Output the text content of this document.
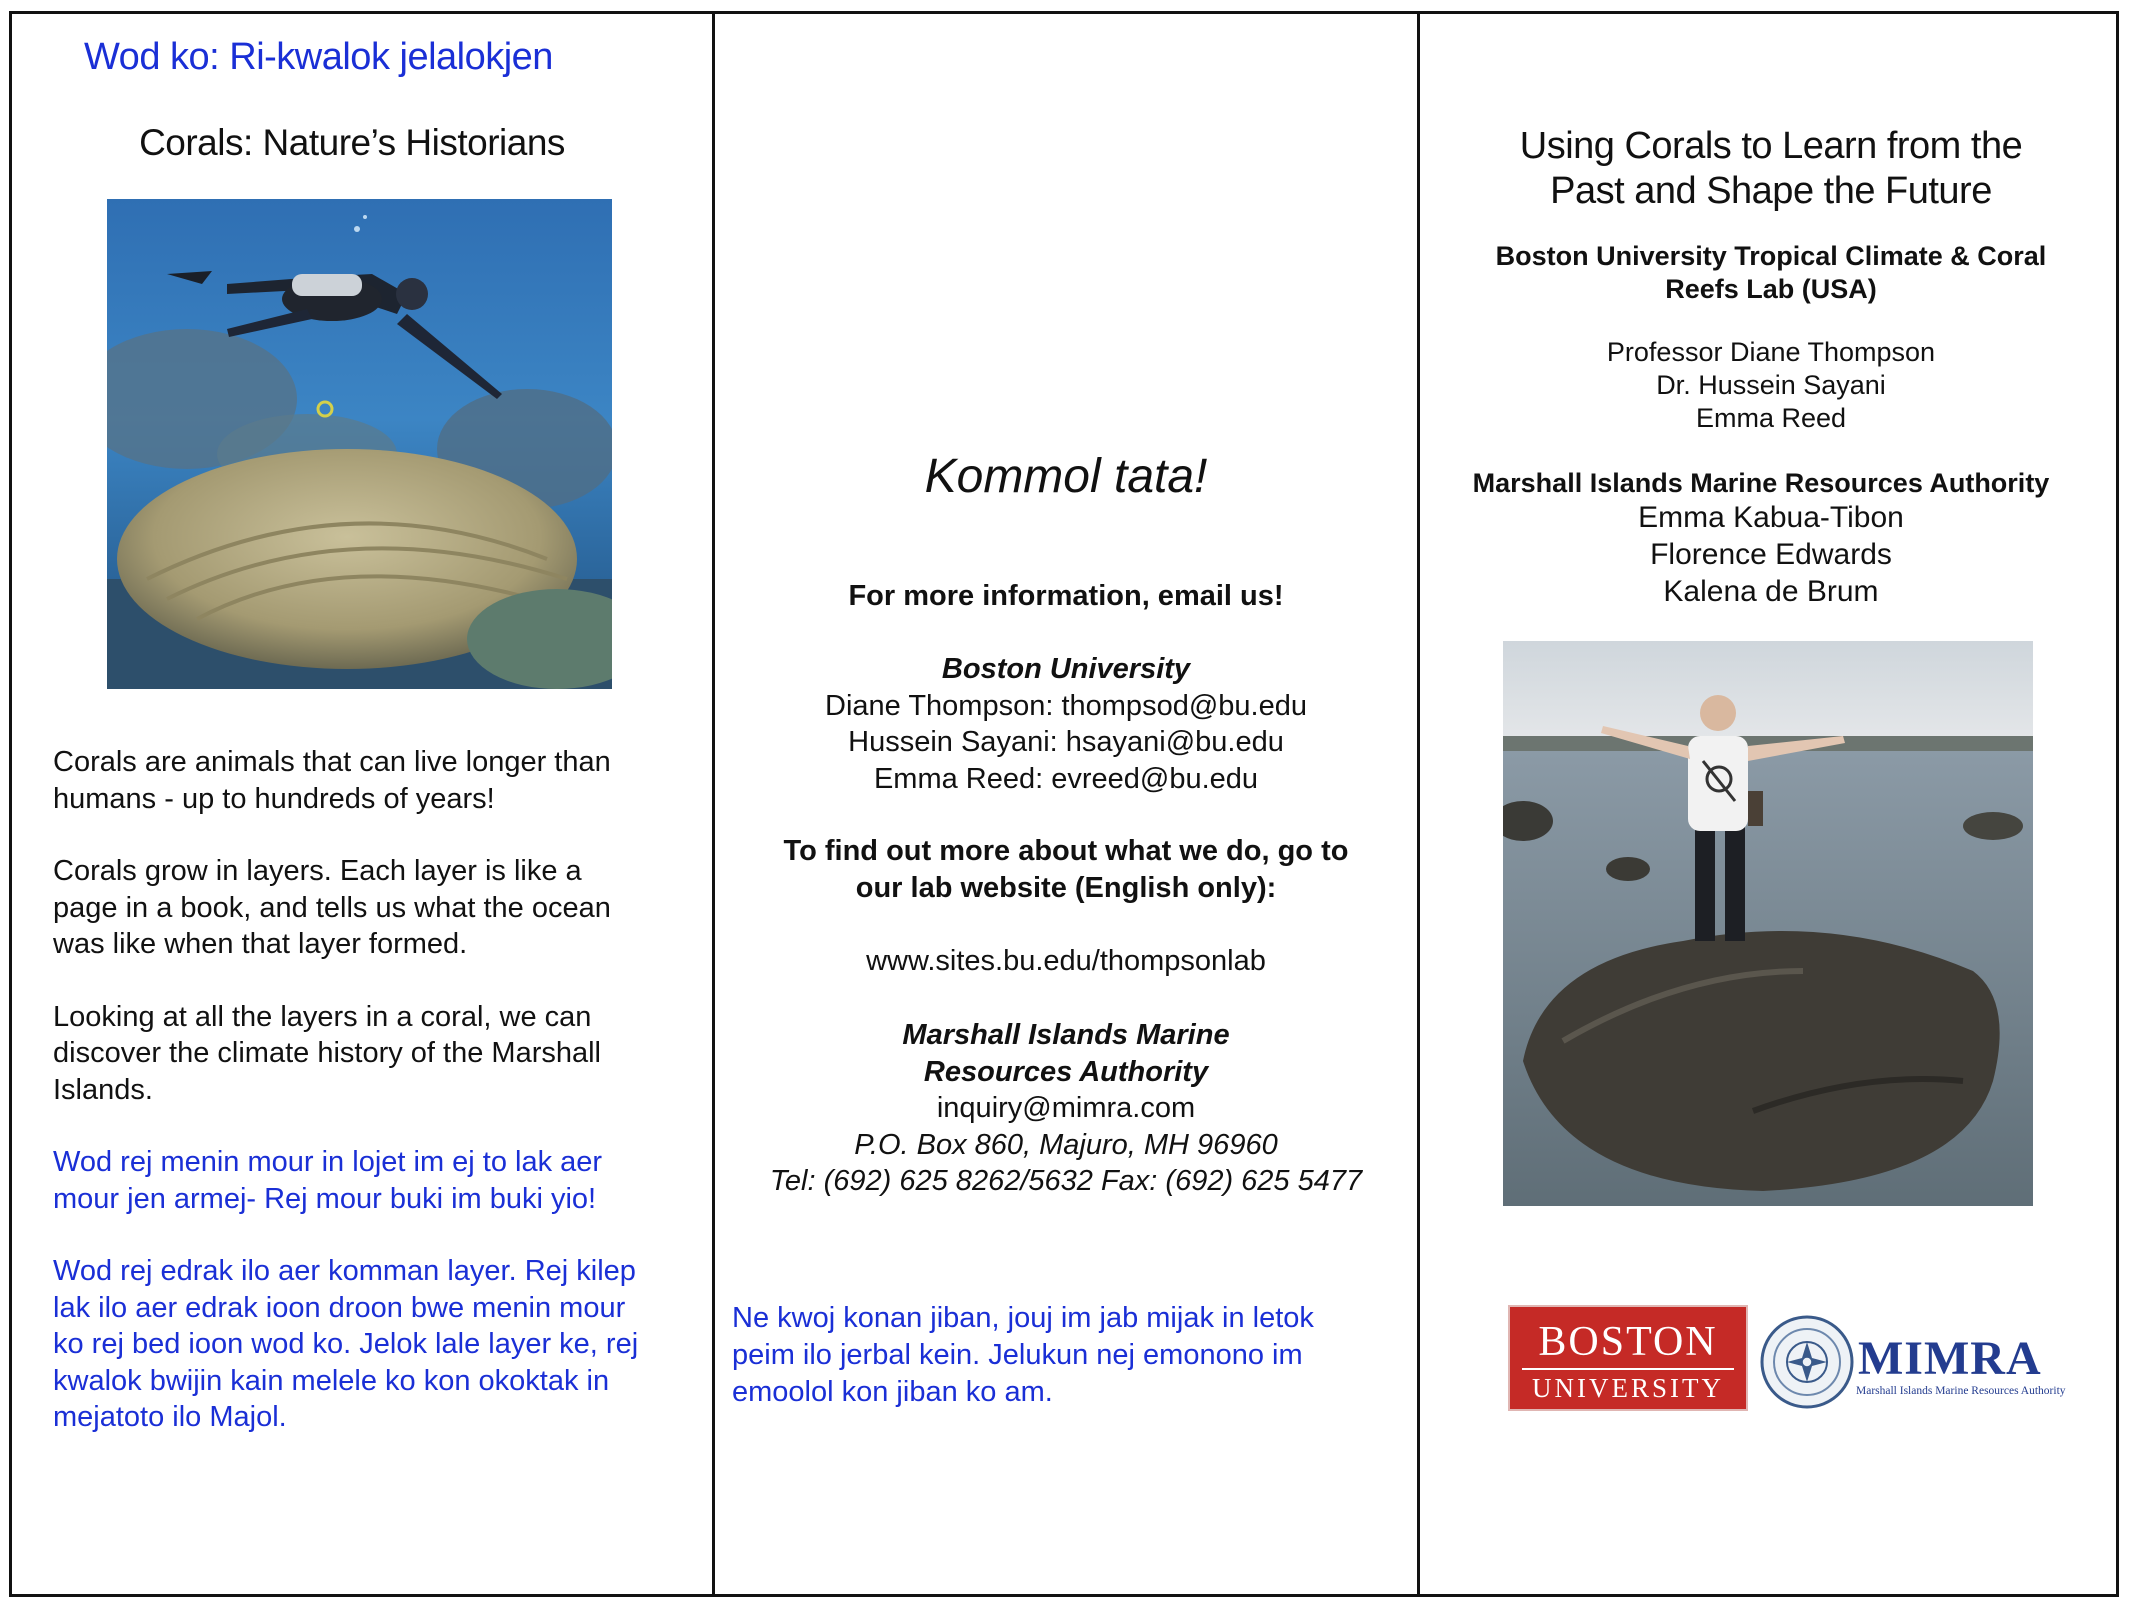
Wod ko: Ri-kwalok jelalokjen
Corals: Nature’s Historians

Corals are animals that can live longer than
humans - up to hundreds of years!

Corals grow in layers. Each layer is like a
page in a book, and tells us what the ocean
was like when that layer formed.

Looking at all the layers in a coral, we can
discover the climate history of the Marshall
Islands.

Wod rej menin mour in lojet im ej to lak aer
mour jen armej- Rej mour buki im buki yio!

Wod rej edrak ilo aer komman layer. Rej kilep
lak ilo aer edrak ioon droon bwe menin mour
ko rej bed ioon wod ko. Jelok lale layer ke, rej
kwalok bwijin kain melele ko kon okoktak in
mejatoto ilo Majol.

Kommol tata!
For more information, email us!
Boston University
Diane Thompson: thompsod@bu.edu
Hussein Sayani: hsayani@bu.edu
Emma Reed: evreed@bu.edu
To find out more about what we do, go to
our lab website (English only):
www.sites.bu.edu/thompsonlab
Marshall Islands Marine
Resources Authority
inquiry@mimra.com
P.O. Box 860, Majuro, MH 96960
Tel: (692) 625 8262/5632 Fax: (692) 625 5477
Ne kwoj konan jiban, jouj im jab mijak in letok
peim ilo jerbal kein. Jelukun nej emonono im
emoolol kon jiban ko am.
Using Corals to Learn from the
Past and Shape the Future
Boston University Tropical Climate & Coral
Reefs Lab (USA)
Professor Diane Thompson
Dr. Hussein Sayani
Emma Reed
Marshall Islands Marine Resources Authority
Emma Kabua-Tibon
Florence Edwards
Kalena de Brum
BOSTON
UNIVERSITY
MIMRA
Marshall Islands Marine Resources Authority
